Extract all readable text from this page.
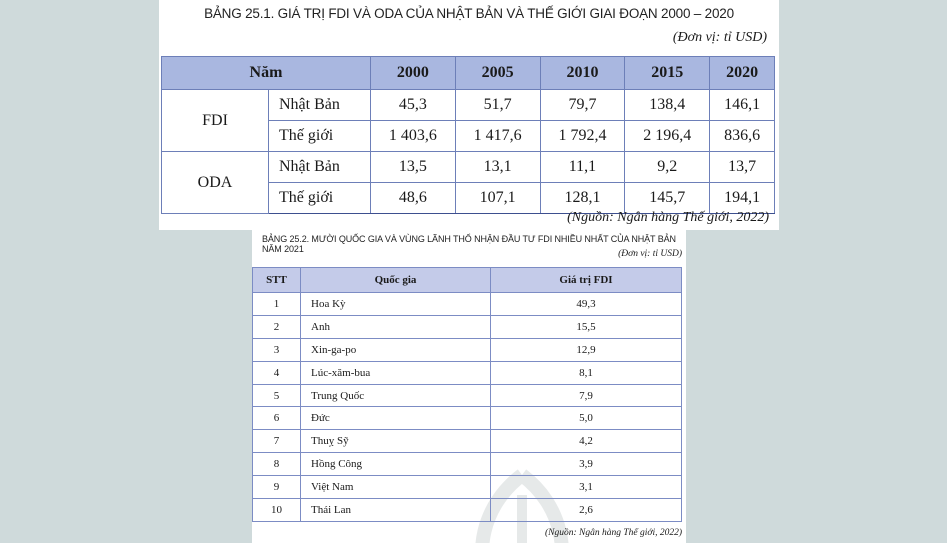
BẢNG 25.1. GIÁ TRỊ FDI VÀ ODA CỦA NHẬT BẢN VÀ THẾ GIỚI GIAI ĐOẠN 2000 – 2020
(Đơn vị: tỉ USD)
Năm		2000	2005	2010	2015	2020
FDI	Nhật Bản	45,3	51,7	79,7	138,4	146,1
	Thế giới	1 403,6	1 417,6	1 792,4	2 196,4	836,6
ODA	Nhật Bản	13,5	13,1	11,1	9,2	13,7
	Thế giới	48,6	107,1	128,1	145,7	194,1
(Nguồn: Ngân hàng Thế giới, 2022)
BẢNG 25.2. MƯỜI QUỐC GIA VÀ VÙNG LÃNH THỔ NHẬN ĐẦU TƯ FDI NHIỀU NHẤT CỦA NHẬT BẢN NĂM 2021	(Đơn vị: tỉ USD)
STT	Quốc gia	Giá trị FDI
1	Hoa Kỳ	49,3
2	Anh	15,5
3	Xin-ga-po	12,9
4	Lúc-xăm-bua	8,1
5	Trung Quốc	7,9
6	Đức	5,0
7	Thuỵ Sỹ	4,2
8	Hồng Công	3,9
9	Việt Nam	3,1
10	Thái Lan	2,6
(Nguồn: Ngân hàng Thế giới, 2022)
